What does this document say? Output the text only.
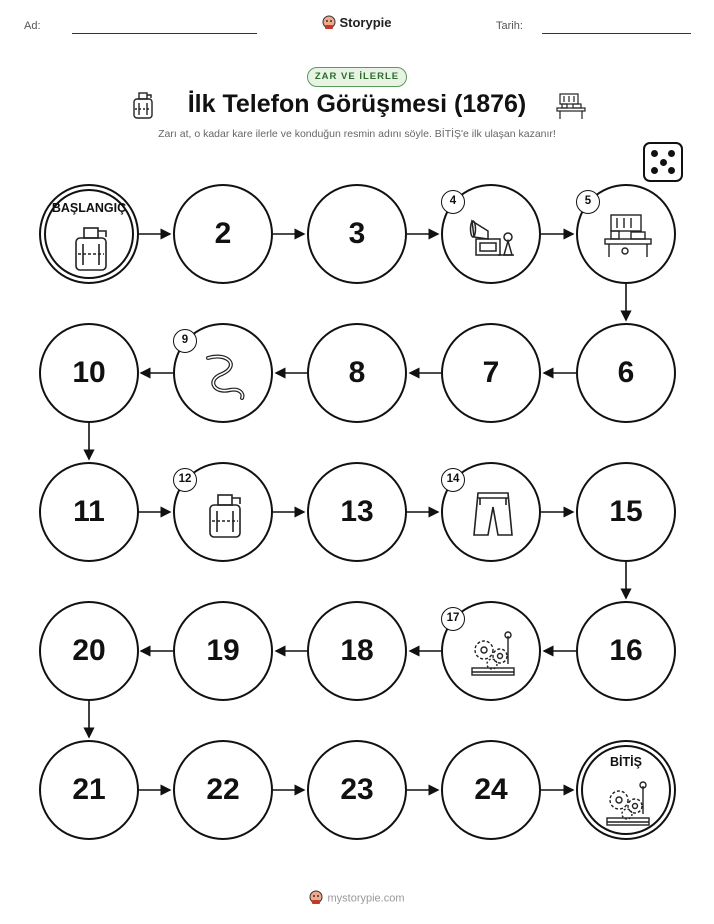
Ad:	Storypie	Tarih:
ZAR VE İLERLE
İlk Telefon Görüşmesi (1876)
Zarı at, o kadar kare ilerle ve konduğun resmin adını söyle. BİTİŞ'e ilk ulaşan kazanır!
BAŞLANGIÇ
2	3
4	5
6
7
8
9
10
11
12
13
14
15
16
17
18
19
20
21	22	23	24
BİTİŞ
mystorypie.com
